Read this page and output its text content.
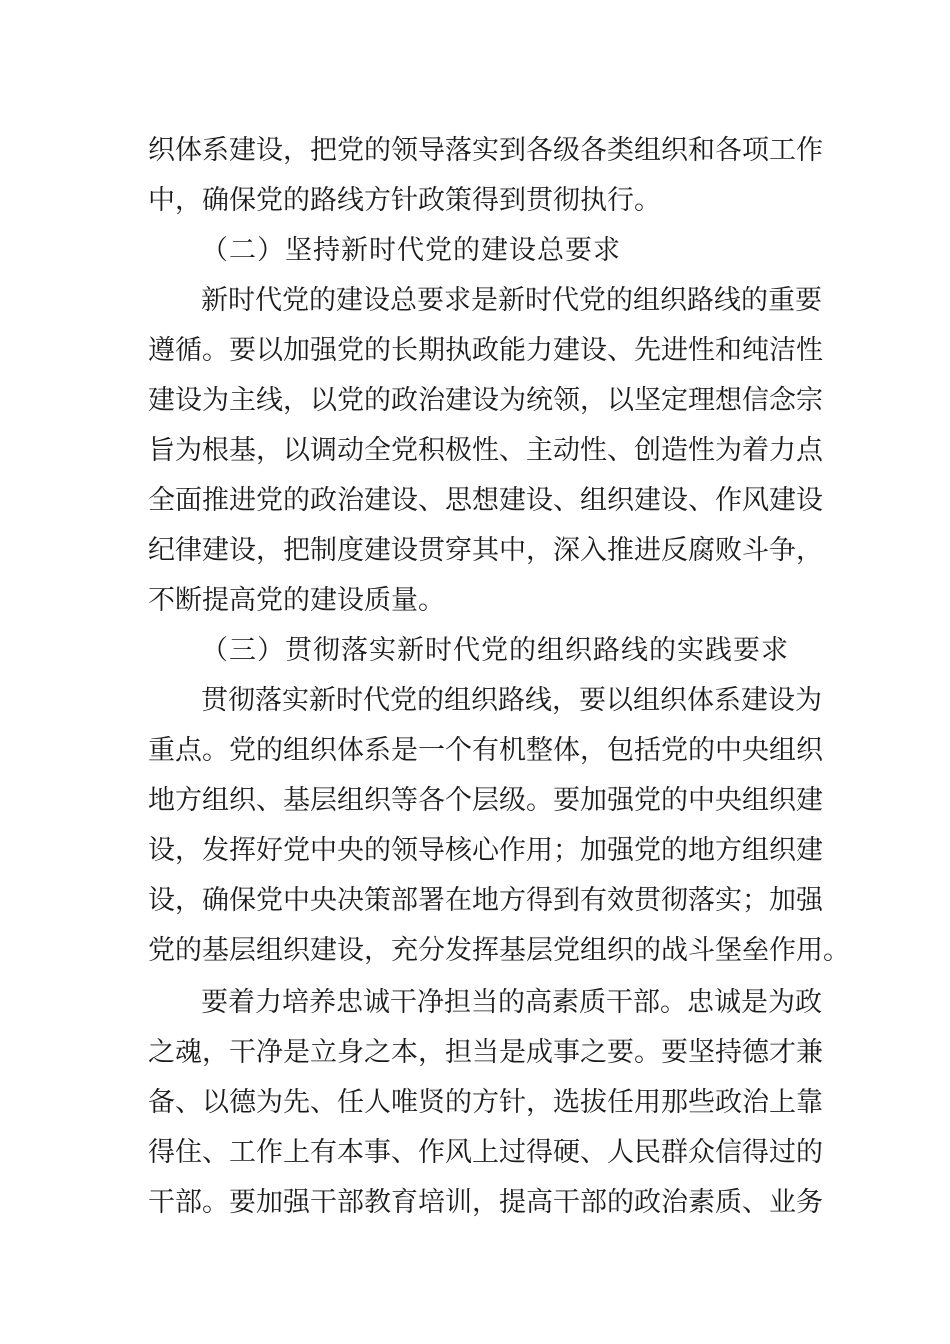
织体系建设，把党的领导落实到各级各类组织和各项工作
中，确保党的路线方针政策得到贯彻执行。
（二）坚持新时代党的建设总要求
新时代党的建设总要求是新时代党的组织路线的重要
遵循。要以加强党的长期执政能力建设、先进性和纯洁性
建设为主线，以党的政治建设为统领，以坚定理想信念宗
旨为根基，以调动全党积极性、主动性、创造性为着力点
全面推进党的政治建设、思想建设、组织建设、作风建设
纪律建设，把制度建设贯穿其中，深入推进反腐败斗争，
不断提高党的建设质量。
（三）贯彻落实新时代党的组织路线的实践要求
贯彻落实新时代党的组织路线，要以组织体系建设为
重点。党的组织体系是一个有机整体，包括党的中央组织
地方组织、基层组织等各个层级。要加强党的中央组织建
设，发挥好党中央的领导核心作用；加强党的地方组织建
设，确保党中央决策部署在地方得到有效贯彻落实；加强
党的基层组织建设，充分发挥基层党组织的战斗堡垒作用。
要着力培养忠诚干净担当的高素质干部。忠诚是为政
之魂，干净是立身之本，担当是成事之要。要坚持德才兼
备、以德为先、任人唯贤的方针，选拔任用那些政治上靠
得住、工作上有本事、作风上过得硬、人民群众信得过的
干部。要加强干部教育培训，提高干部的政治素质、业务
